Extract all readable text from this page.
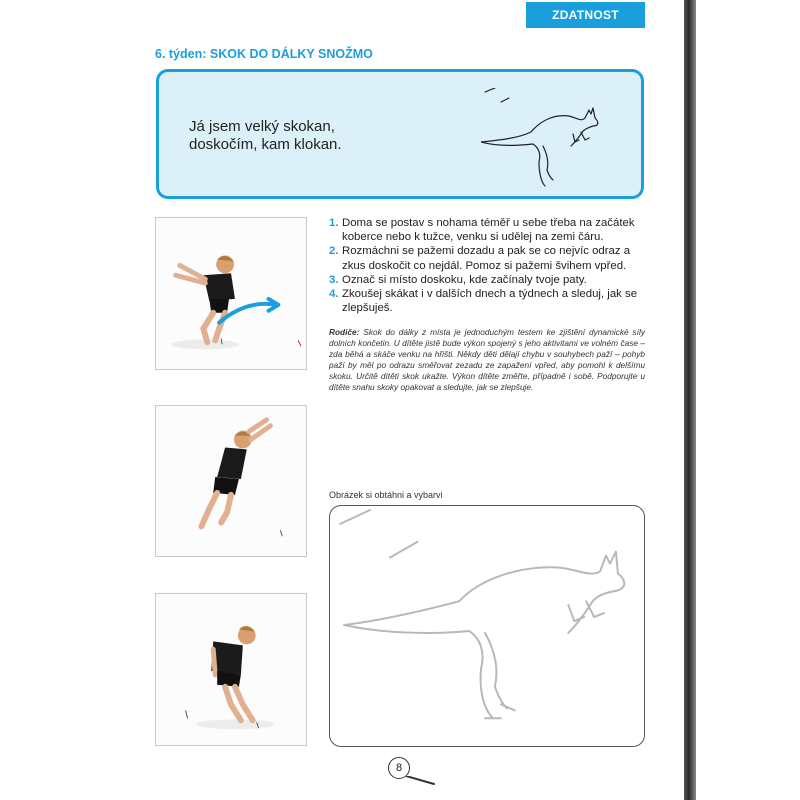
ZDATNOST
6. týden: SKOK DO DÁLKY SNOŽMO
Já jsem velký skokan,
doskočím, kam klokan.
1. Doma se postav s nohama téměř u sebe třeba na začátek koberce nebo k tužce, venku si udělej na zemi čáru.
2. Rozmáchni se pažemi dozadu a pak se co nejvíc odraz a zkus doskočit co nejdál. Pomoz si pažemi švihem vpřed.
3. Označ si místo doskoku, kde začínaly tvoje paty.
4. Zkoušej skákat i v dalších dnech a týdnech a sleduj, jak se zlepšuješ.
Rodiče: Skok do dálky z místa je jednoduchým testem ke zjištění dynamické síly dolních končetin. U dítěte jistě bude výkon spojený s jeho aktivitami ve volném čase – zda běhá a skáče venku na hřišti. Někdy děti dělají chybu v souhybech paží – pohyb paží by měl po odrazu směřovat zezadu ze zapažení vpřed, aby pomohl k delšímu skoku. Určitě dítěti skok ukažte. Výkon dítěte změřte, případně i sobě. Podporujte u dítěte snahu skoky opakovat a sledujte, jak se zlepšuje.
Obrázek si obtáhni a vybarvi
8
